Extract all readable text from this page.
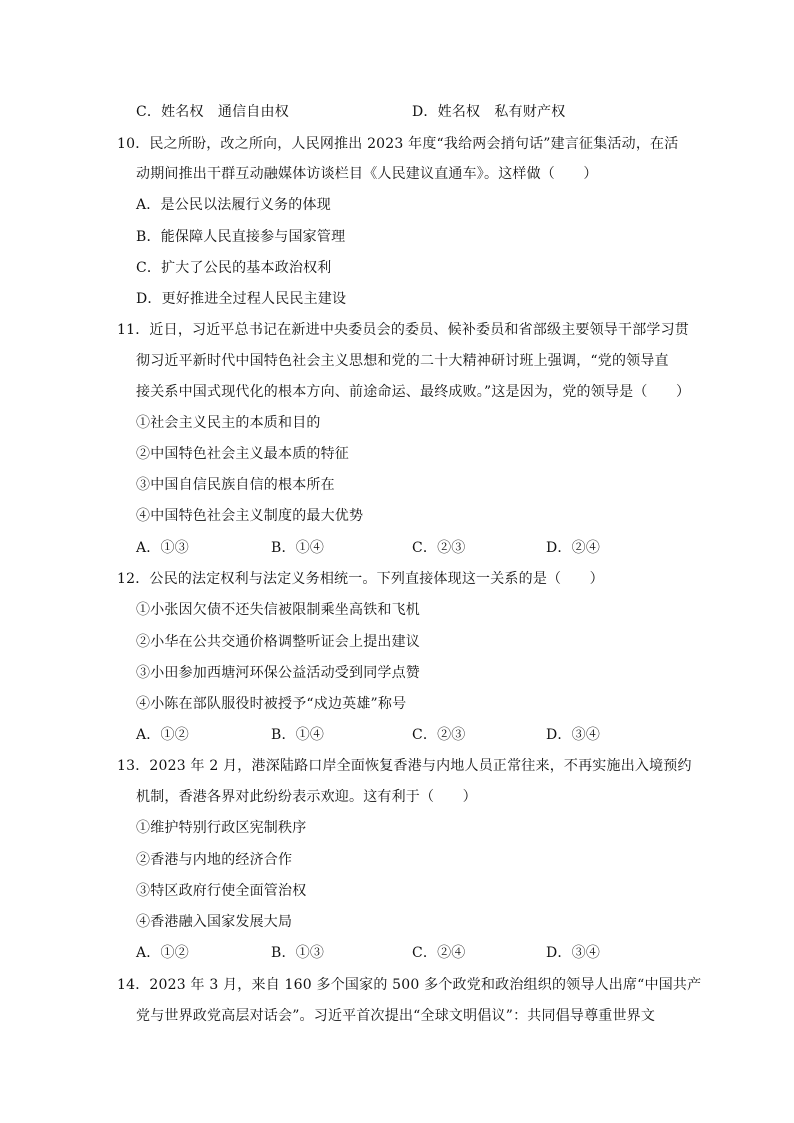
C．姓名权　通信自由权	D．姓名权　私有财产权
10．民之所盼，改之所向，人民网推出 2023 年度“我给两会捎句话”建言征集活动，在活
动期间推出干群互动融媒体访谈栏目《人民建议直通车》。这样做（　　）
A．是公民以法履行义务的体现
B．能保障人民直接参与国家管理
C．扩大了公民的基本政治权利
D．更好推进全过程人民民主建设
11．近日，习近平总书记在新进中央委员会的委员、候补委员和省部级主要领导干部学习贯
彻习近平新时代中国特色社会主义思想和党的二十大精神研讨班上强调，“党的领导直
接关系中国式现代化的根本方向、前途命运、最终成败。”这是因为，党的领导是（　　）
①社会主义民主的本质和目的
②中国特色社会主义最本质的特征
③中国自信民族自信的根本所在
④中国特色社会主义制度的最大优势
A．①③	B．①④	C．②③	D．②④
12．公民的法定权利与法定义务相统一。下列直接体现这一关系的是（　　）
①小张因欠债不还失信被限制乘坐高铁和飞机
②小华在公共交通价格调整听证会上提出建议
③小田参加西塘河环保公益活动受到同学点赞
④小陈在部队服役时被授予“戍边英雄”称号
A．①②	B．①④	C．②③	D．③④
13．2023 年 2 月，港深陆路口岸全面恢复香港与内地人员正常往来，不再实施出入境预约
机制，香港各界对此纷纷表示欢迎。这有利于（　　）
①维护特别行政区宪制秩序
②香港与内地的经济合作
③特区政府行使全面管治权
④香港融入国家发展大局
A．①②	B．①③	C．②④	D．③④
14．2023 年 3 月，来自 160 多个国家的 500 多个政党和政治组织的领导人出席“中国共产
党与世界政党高层对话会”。习近平首次提出“全球文明倡议”：共同倡导尊重世界文
